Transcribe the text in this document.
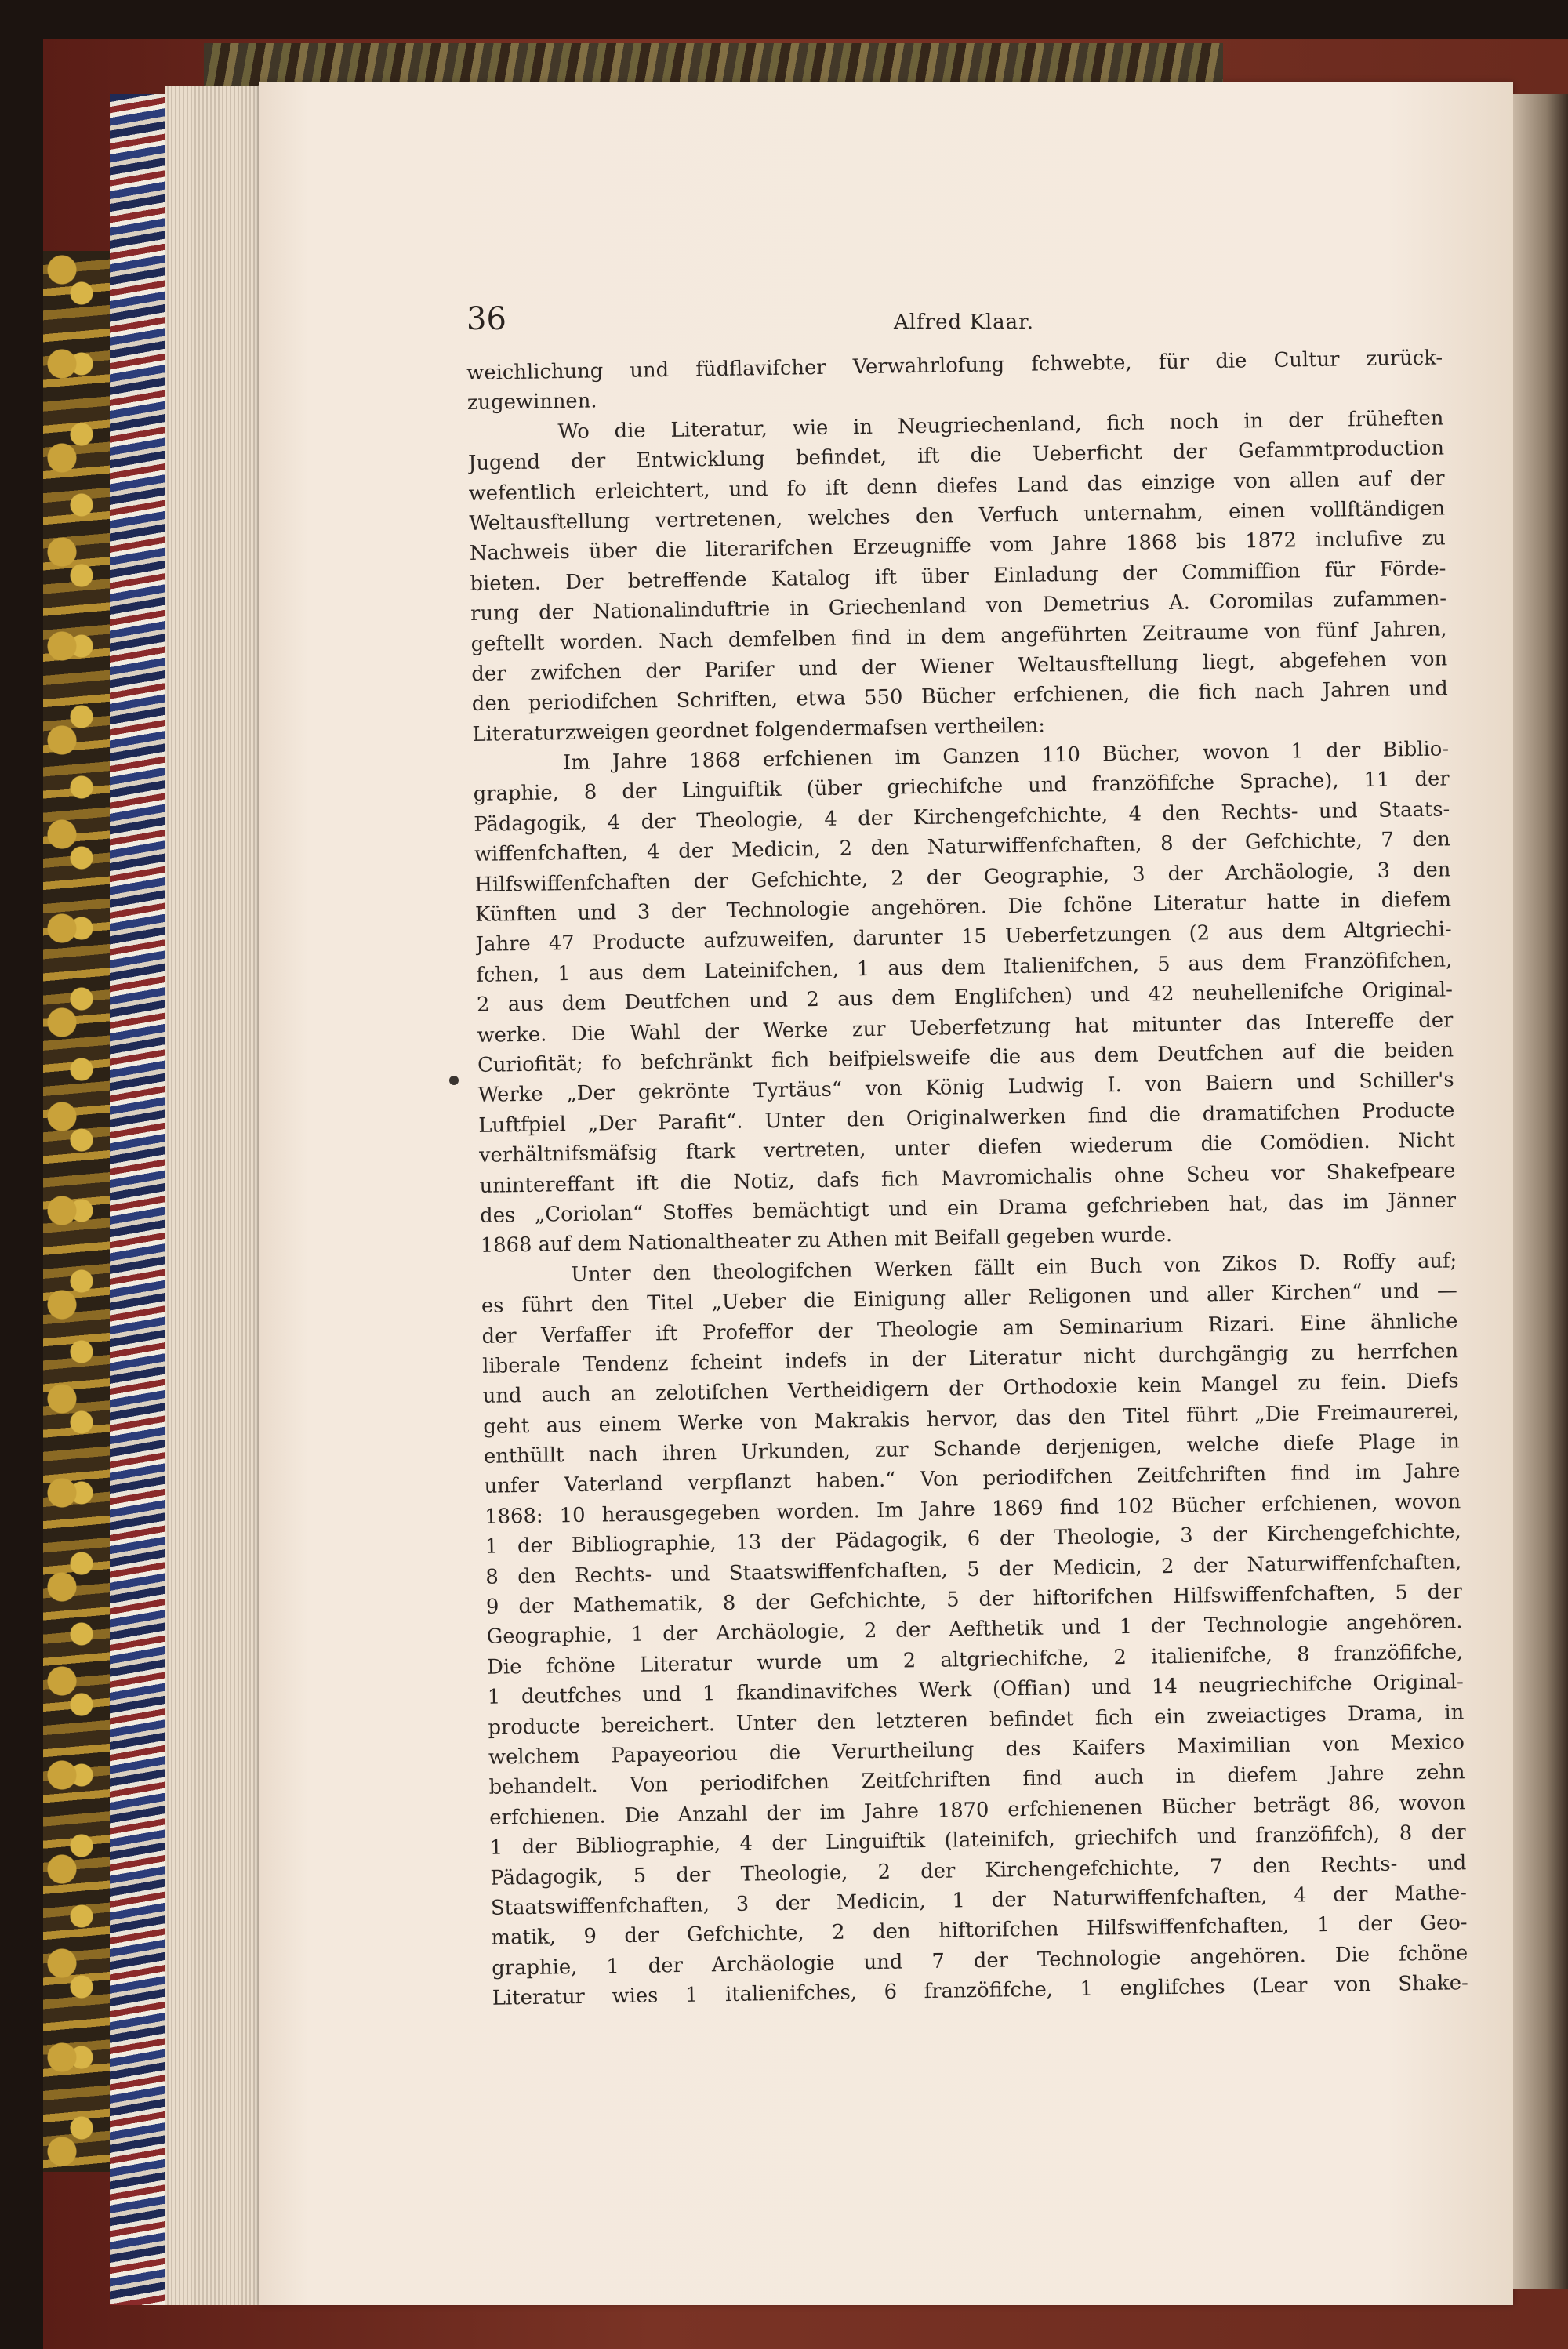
36	Alfred Klaar.
weichlichung und füdflavifcher Verwahrlofung fchwebte, für die Cultur zurück-
zugewinnen.
Wo die Literatur, wie in Neugriechenland, fich noch in der früheften
Jugend der Entwicklung befindet, ift die Ueberficht der Gefammtproduction
wefentlich erleichtert, und fo ift denn diefes Land das einzige von allen auf der
Weltausftellung vertretenen, welches den Verfuch unternahm, einen vollftändigen
Nachweis über die literarifchen Erzeugniffe vom Jahre 1868 bis 1872 inclufive zu
bieten. Der betreffende Katalog ift über Einladung der Commiffion für Förde-
rung der Nationalinduftrie in Griechenland von Demetrius A. Coromilas zufammen-
geftellt worden. Nach demfelben find in dem angeführten Zeitraume von fünf Jahren,
der zwifchen der Parifer und der Wiener Weltausftellung liegt, abgefehen von
den periodifchen Schriften, etwa 550 Bücher erfchienen, die fich nach Jahren und
Literaturzweigen geordnet folgendermafsen vertheilen:
Im Jahre 1868 erfchienen im Ganzen 110 Bücher, wovon 1 der Biblio-
graphie, 8 der Linguiftik (über griechifche und franzöfifche Sprache), 11 der
Pädagogik, 4 der Theologie, 4 der Kirchengefchichte, 4 den Rechts- und Staats-
wiffenfchaften, 4 der Medicin, 2 den Naturwiffenfchaften, 8 der Gefchichte, 7 den
Hilfswiffenfchaften der Gefchichte, 2 der Geographie, 3 der Archäologie, 3 den
Künften und 3 der Technologie angehören. Die fchöne Literatur hatte in diefem
Jahre 47 Producte aufzuweifen, darunter 15 Ueberfetzungen (2 aus dem Altgriechi-
fchen, 1 aus dem Lateinifchen, 1 aus dem Italienifchen, 5 aus dem Franzöfifchen,
2 aus dem Deutfchen und 2 aus dem Englifchen) und 42 neuhellenifche Original-
werke. Die Wahl der Werke zur Ueberfetzung hat mitunter das Intereffe der
Curiofität; fo befchränkt fich beifpielsweife die aus dem Deutfchen auf die beiden
Werke „Der gekrönte Tyrtäus“ von König Ludwig I. von Baiern und Schiller's
Luftfpiel „Der Parafit“. Unter den Originalwerken find die dramatifchen Producte
verhältnifsmäfsig ftark vertreten, unter diefen wiederum die Comödien. Nicht
unintereffant ift die Notiz, dafs fich Mavromichalis ohne Scheu vor Shakefpeare
des „Coriolan“ Stoffes bemächtigt und ein Drama gefchrieben hat, das im Jänner
1868 auf dem Nationaltheater zu Athen mit Beifall gegeben wurde.
Unter den theologifchen Werken fällt ein Buch von Zikos D. Roffy auf;
es führt den Titel „Ueber die Einigung aller Religonen und aller Kirchen“ und —
der Verfaffer ift Profeffor der Theologie am Seminarium Rizari. Eine ähnliche
liberale Tendenz fcheint indefs in der Literatur nicht durchgängig zu herrfchen
und auch an zelotifchen Vertheidigern der Orthodoxie kein Mangel zu fein. Diefs
geht aus einem Werke von Makrakis hervor, das den Titel führt „Die Freimaurerei,
enthüllt nach ihren Urkunden, zur Schande derjenigen, welche diefe Plage in
unfer Vaterland verpflanzt haben.“ Von periodifchen Zeitfchriften find im Jahre
1868: 10 herausgegeben worden. Im Jahre 1869 find 102 Bücher erfchienen, wovon
1 der Bibliographie, 13 der Pädagogik, 6 der Theologie, 3 der Kirchengefchichte,
8 den Rechts- und Staatswiffenfchaften, 5 der Medicin, 2 der Naturwiffenfchaften,
9 der Mathematik, 8 der Gefchichte, 5 der hiftorifchen Hilfswiffenfchaften, 5 der
Geographie, 1 der Archäologie, 2 der Aefthetik und 1 der Technologie angehören.
Die fchöne Literatur wurde um 2 altgriechifche, 2 italienifche, 8 franzöfifche,
1 deutfches und 1 fkandinavifches Werk (Offian) und 14 neugriechifche Original-
producte bereichert. Unter den letzteren befindet fich ein zweiactiges Drama, in
welchem Papayeoriou die Verurtheilung des Kaifers Maximilian von Mexico
behandelt. Von periodifchen Zeitfchriften find auch in diefem Jahre zehn
erfchienen. Die Anzahl der im Jahre 1870 erfchienenen Bücher beträgt 86, wovon
1 der Bibliographie, 4 der Linguiftik (lateinifch, griechifch und franzöfifch), 8 der
Pädagogik, 5 der Theologie, 2 der Kirchengefchichte, 7 den Rechts- und
Staatswiffenfchaften, 3 der Medicin, 1 der Naturwiffenfchaften, 4 der Mathe-
matik, 9 der Gefchichte, 2 den hiftorifchen Hilfswiffenfchaften, 1 der Geo-
graphie, 1 der Archäologie und 7 der Technologie angehören. Die fchöne
Literatur wies 1 italienifches, 6 franzöfifche, 1 englifches (Lear von Shake-
